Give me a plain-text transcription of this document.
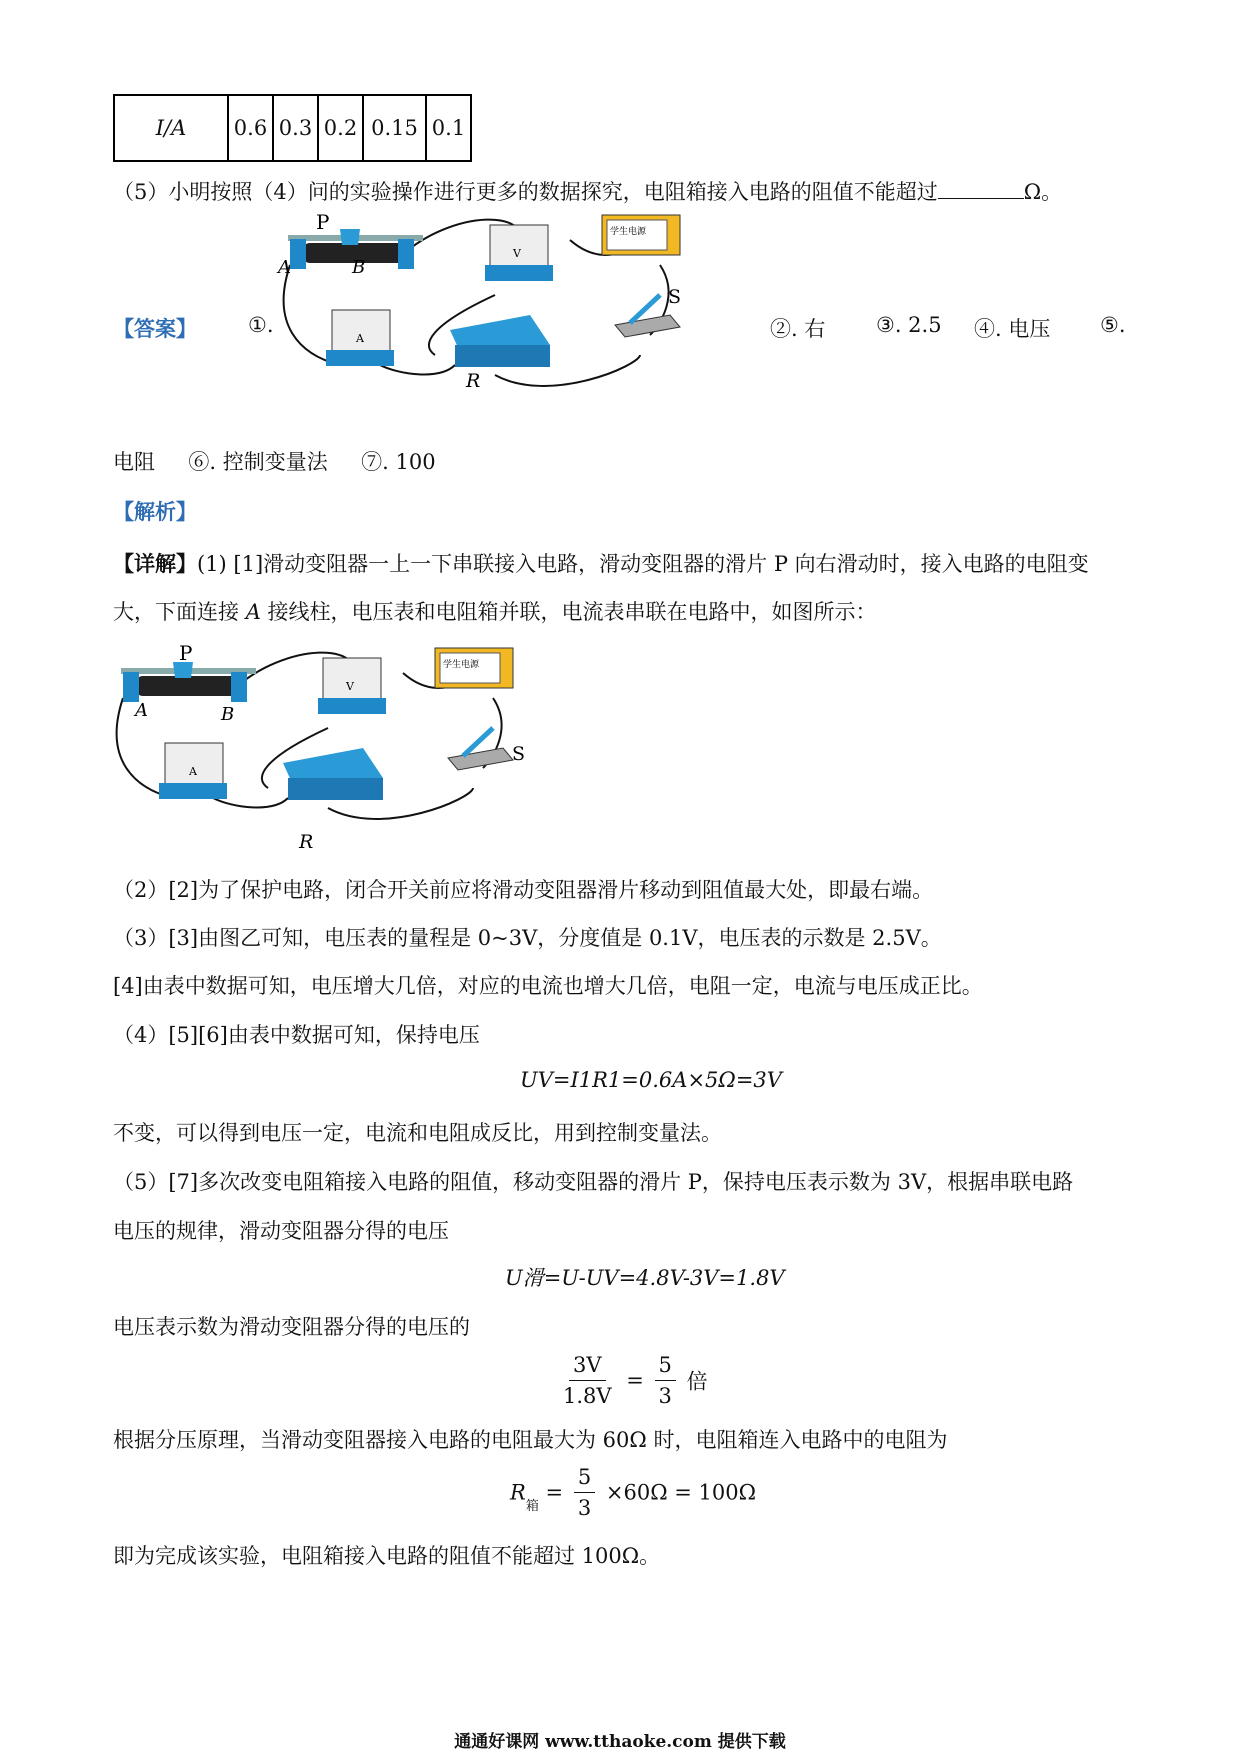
I/A	0.6	0.3	0.2	0.15	0.1
（5）小明按照（4）问的实验操作进行更多的数据探究，电阻箱接入电路的阻值不能超过	Ω。
【答案】 ①.	②. 右 ③. 2.5 ④. 电压 ⑤.
P
A	B
V
A
R
学生电源
S
电阻 ⑥. 控制变量法 ⑦. 100
【解析】
【详解】(1) [1]滑动变阻器一上一下串联接入电路，滑动变阻器的滑片 P 向右滑动时，接入电路的电阻变
大，下面连接 A 接线柱，电压表和电阻箱并联，电流表串联在电路中，如图所示：
P
A	B
V
A
R
学生电源
S
（2）[2]为了保护电路，闭合开关前应将滑动变阻器滑片移动到阻值最大处，即最右端。
（3）[3]由图乙可知，电压表的量程是 0~3V，分度值是 0.1V，电压表的示数是 2.5V。
[4]由表中数据可知，电压增大几倍，对应的电流也增大几倍，电阻一定，电流与电压成正比。
（4）[5][6]由表中数据可知，保持电压
UV=I1R1=0.6A×5Ω=3V
不变，可以得到电压一定，电流和电阻成反比，用到控制变量法。
（5）[7]多次改变电阻箱接入电路的阻值，移动变阻器的滑片 P，保持电压表示数为 3V，根据串联电路
电压的规律，滑动变阻器分得的电压
U滑=U-UV=4.8V-3V=1.8V
电压表示数为滑动变阻器分得的电压的
$\frac{3V}{1.8V} = \frac{5}{3}$ 倍
根据分压原理，当滑动变阻器接入电路的电阻最大为 60Ω 时，电阻箱连入电路中的电阻为
$R_箱 = \frac{5}{3} \times 60\Omega = 100\Omega$
即为完成该实验，电阻箱接入电路的阻值不能超过 100Ω。
通通好课网 www.tthaoke.com 提供下载
